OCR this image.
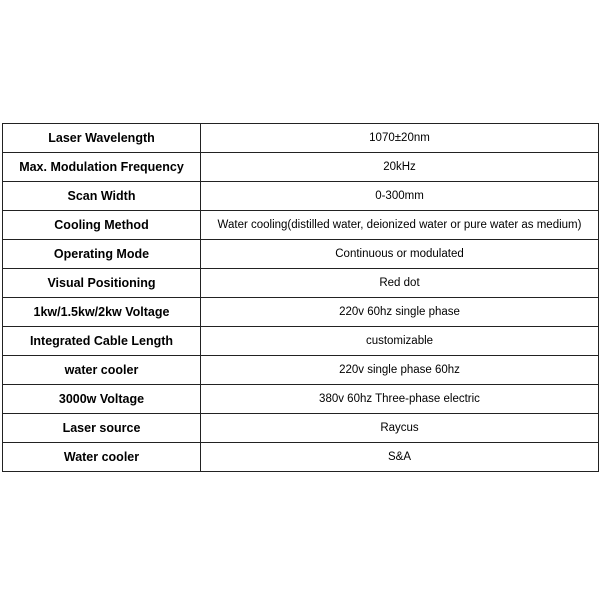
Laser Wavelength	1070±20nm
Max. Modulation Frequency	20kHz
Scan Width	0-300mm
Cooling Method	Water cooling(distilled water, deionized water or pure water as medium)
Operating Mode	Continuous or modulated
Visual Positioning	Red dot
1kw/1.5kw/2kw Voltage	220v 60hz single phase
Integrated Cable Length	customizable
water cooler	220v single phase 60hz
3000w Voltage	380v 60hz Three-phase electric
Laser source	Raycus
Water cooler	S&A
